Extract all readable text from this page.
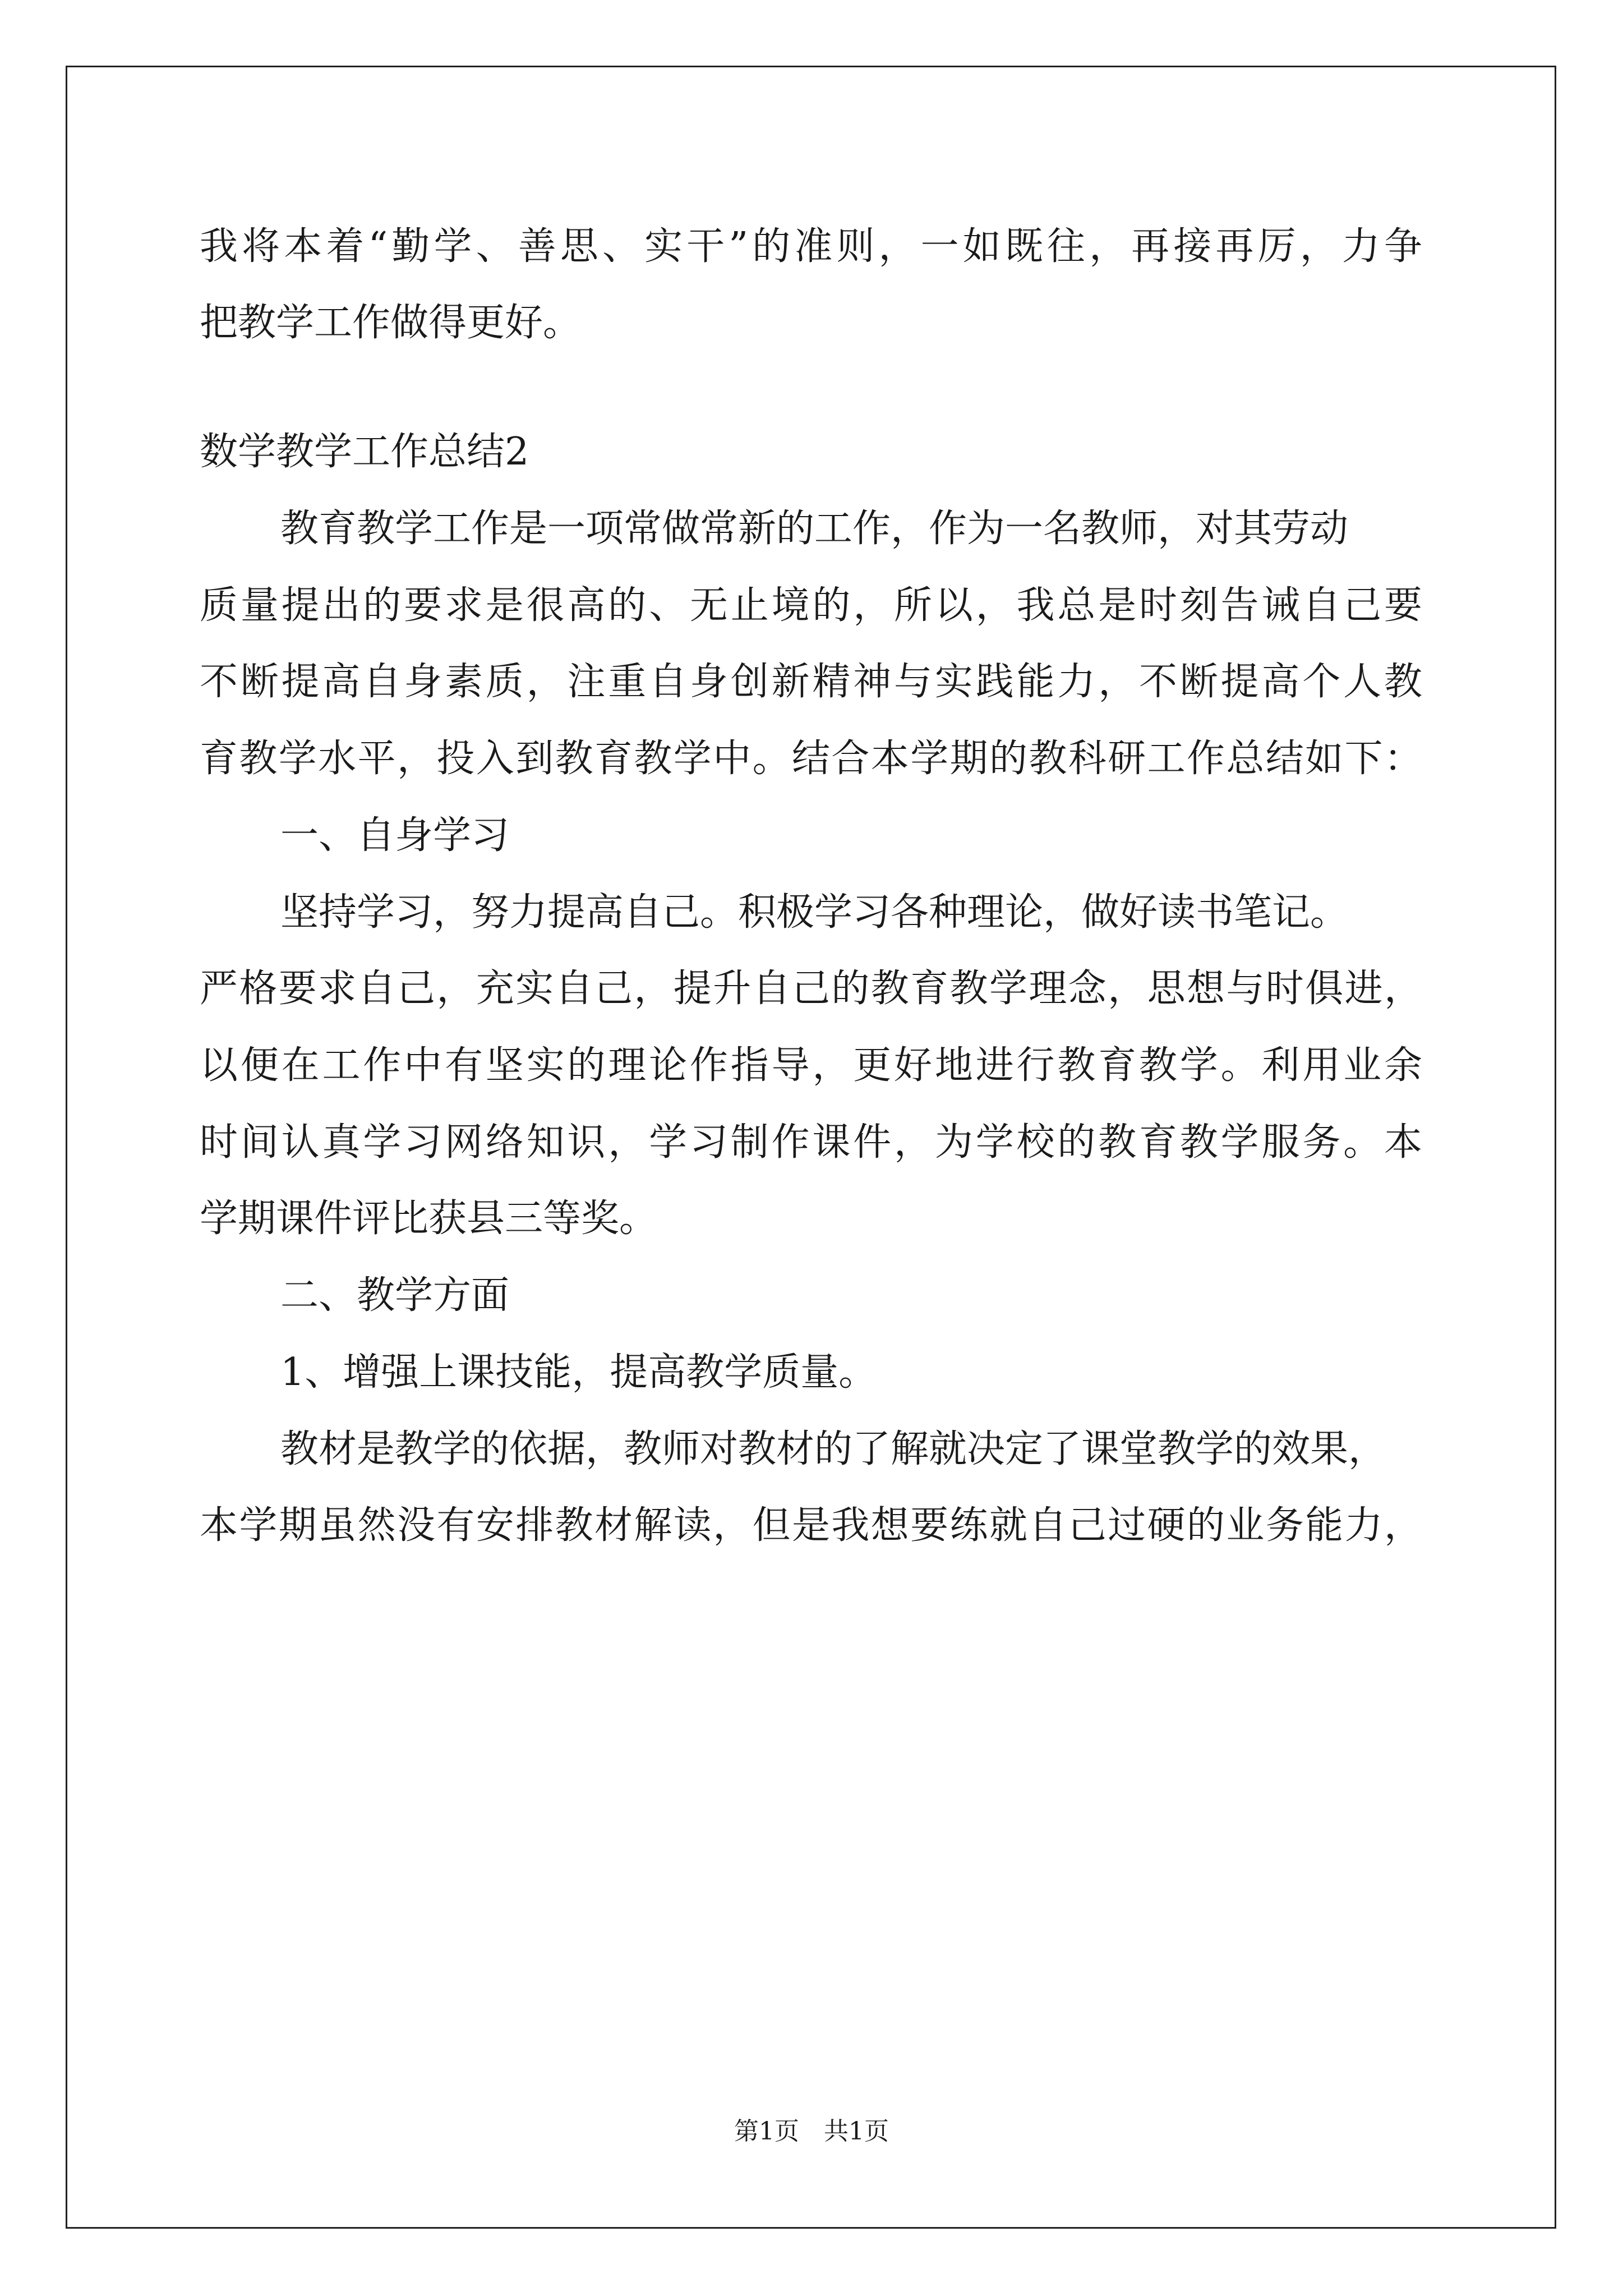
我将本着“勤学、善思、实干”的准则，一如既往，再接再厉，力争
把教学工作做得更好。
数学教学工作总结2
教育教学工作是一项常做常新的工作，作为一名教师，对其劳动
质量提出的要求是很高的、无止境的，所以，我总是时刻告诫自己要
不断提高自身素质，注重自身创新精神与实践能力，不断提高个人教
育教学水平，投入到教育教学中。结合本学期的教科研工作总结如下：
一、自身学习
坚持学习，努力提高自己。积极学习各种理论，做好读书笔记。
严格要求自己，充实自己，提升自己的教育教学理念，思想与时俱进，
以便在工作中有坚实的理论作指导，更好地进行教育教学。利用业余
时间认真学习网络知识，学习制作课件，为学校的教育教学服务。本
学期课件评比获县三等奖。
二、教学方面
1、增强上课技能，提高教学质量。
教材是教学的依据，教师对教材的了解就决定了课堂教学的效果，
本学期虽然没有安排教材解读，但是我想要练就自己过硬的业务能力，
第1页　共1页
